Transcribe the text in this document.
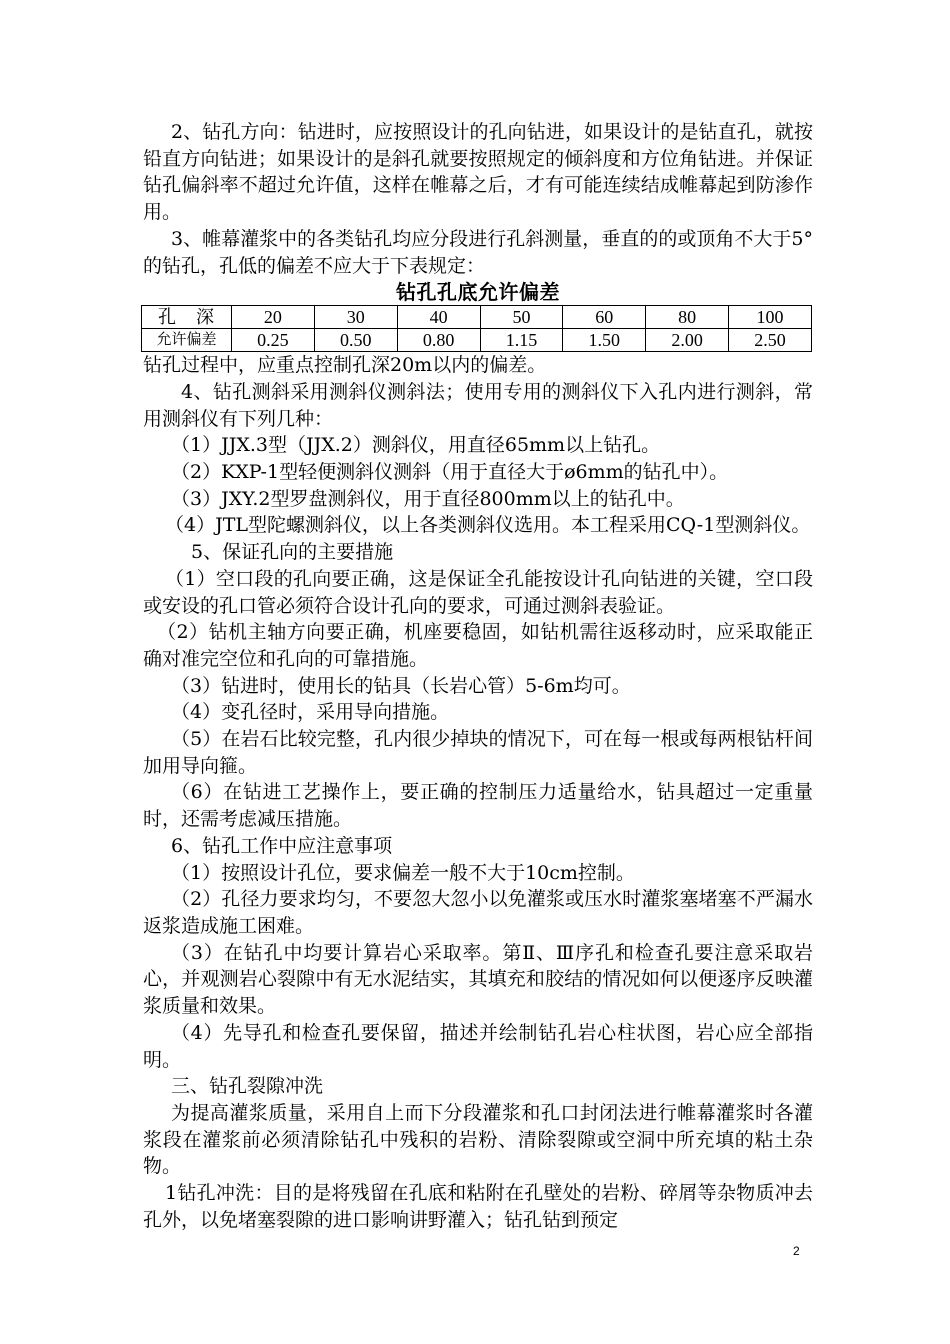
2、钻孔方向：钻进时，应按照设计的孔向钻进，如果设计的是钻直孔，就按铅直方向钻进；如果设计的是斜孔就要按照规定的倾斜度和方位角钻进。并保证钻孔偏斜率不超过允许值，这样在帷幕之后，才有可能连续结成帷幕起到防渗作用。

3、帷幕灌浆中的各类钻孔均应分段进行孔斜测量，垂直的的或顶角不大于5° 的钻孔，孔低的偏差不应大于下表规定：

钻孔孔底允许偏差

孔　深	20	30	40	50	60	80	100
允许偏差	0.25	0.50	0.80	1.15	1.50	2.00	2.50

钻孔过程中，应重点控制孔深20m以内的偏差。

4、钻孔测斜采用测斜仪测斜法；使用专用的测斜仪下入孔内进行测斜，常用测斜仪有下列几种：

（1）JJX.3型（JJX.2）测斜仪，用直径65mm以上钻孔。

（2）KXP-1型轻便测斜仪测斜（用于直径大于ø6mm的钻孔中）。

（3）JXY.2型罗盘测斜仪，用于直径800mm以上的钻孔中。

（4）JTL型陀螺测斜仪，以上各类测斜仪选用。本工程采用CQ-1型测斜仪。

5、保证孔向的主要措施

（1）空口段的孔向要正确，这是保证全孔能按设计孔向钻进的关键，空口段或安设的孔口管必须符合设计孔向的要求，可通过测斜表验证。

（2）钻机主轴方向要正确，机座要稳固，如钻机需往返移动时，应采取能正确对准完空位和孔向的可靠措施。

（3）钻进时，使用长的钻具（长岩心管）5-6m均可。

（4）变孔径时，采用导向措施。

（5）在岩石比较完整，孔内很少掉块的情况下，可在每一根或每两根钻杆间加用导向箍。

（6）在钻进工艺操作上，要正确的控制压力适量给水，钻具超过一定重量时，还需考虑减压措施。

6、钻孔工作中应注意事项

（1）按照设计孔位，要求偏差一般不大于10cm控制。

（2）孔径力要求均匀，不要忽大忽小以免灌浆或压水时灌浆塞堵塞不严漏水返浆造成施工困难。

（3）在钻孔中均要计算岩心采取率。第Ⅱ、Ⅲ序孔和检查孔要注意采取岩心，并观测岩心裂隙中有无水泥结实，其填充和胶结的情况如何以便逐序反映灌浆质量和效果。

（4）先导孔和检查孔要保留，描述并绘制钻孔岩心柱状图，岩心应全部指明。

三、钻孔裂隙冲洗

为提高灌浆质量，采用自上而下分段灌浆和孔口封闭法进行帷幕灌浆时各灌浆段在灌浆前必须清除钻孔中残积的岩粉、清除裂隙或空洞中所充填的粘土杂物。

1钻孔冲洗：目的是将残留在孔底和粘附在孔壁处的岩粉、碎屑等杂物质冲去孔外，以免堵塞裂隙的进口影响讲野灌入；钻孔钻到预定

2
